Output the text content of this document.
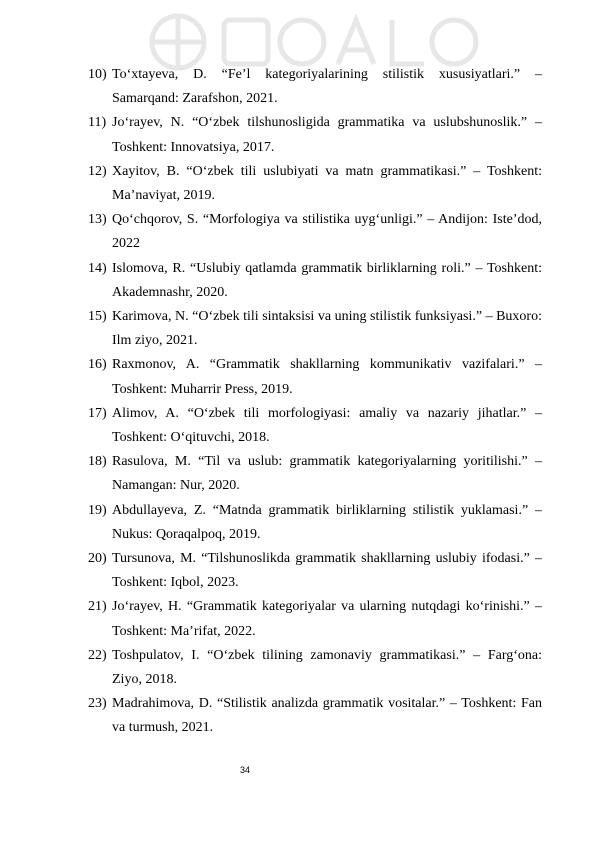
10) To‘xtayeva, D. “Fe’l kategoriyalarining stilistik xususiyatlari.” – Samarqand: Zarafshon, 2021.
11) Jo‘rayev, N. “O‘zbek tilshunosligida grammatika va uslubshunoslik.” – Toshkent: Innovatsiya, 2017.
12) Xayitov, B. “O‘zbek tili uslubiyati va matn grammatikasi.” – Toshkent: Ma’naviyat, 2019.
13) Qo‘chqorov, S. “Morfologiya va stilistika uyg‘unligi.” – Andijon: Iste’dod, 2022
14) Islomova, R. “Uslubiy qatlamda grammatik birliklarning roli.” – Toshkent: Akademnashr, 2020.
15) Karimova, N. “O‘zbek tili sintaksisi va uning stilistik funksiyasi.” – Buxoro: Ilm ziyo, 2021.
16) Raxmonov, A. “Grammatik shakllarning kommunikativ vazifalari.” – Toshkent: Muharrir Press, 2019.
17) Alimov, A. “O‘zbek tili morfologiyasi: amaliy va nazariy jihatlar.” – Toshkent: O‘qituvchi, 2018.
18) Rasulova, M. “Til va uslub: grammatik kategoriyalarning yoritilishi.” – Namangan: Nur, 2020.
19) Abdullayeva, Z. “Matnda grammatik birliklarning stilistik yuklamasi.” – Nukus: Qoraqalpoq, 2019.
20) Tursunova, M. “Tilshunoslikda grammatik shakllarning uslubiy ifodasi.” – Toshkent: Iqbol, 2023.
21) Jo‘rayev, H. “Grammatik kategoriyalar va ularning nutqdagi ko‘rinishi.” – Toshkent: Ma’rifat, 2022.
22) Toshpulatov, I. “O‘zbek tilining zamonaviy grammatikasi.” – Farg‘ona: Ziyo, 2018.
23) Madrahimova, D. “Stilistik analizda grammatik vositalar.” – Toshkent: Fan va turmush, 2021.
34
